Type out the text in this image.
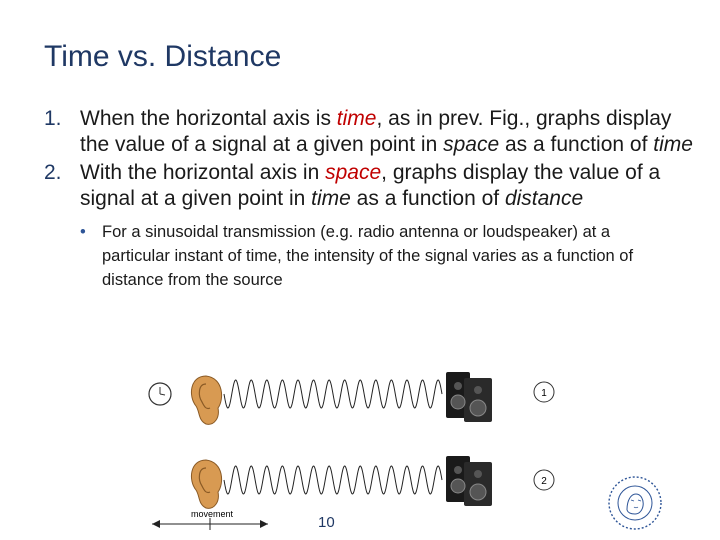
Time vs. Distance
1. When the horizontal axis is time, as in prev. Fig., graphs display the value of a signal at a given point in space as a function of time
2. With the horizontal axis in space, graphs display the value of a signal at a given point in time as a function of distance
• For a sinusoidal transmission (e.g. radio antenna or loudspeaker) at a particular instant of time, the intensity of the signal varies as a function of distance from the source
1
2
movement	10
